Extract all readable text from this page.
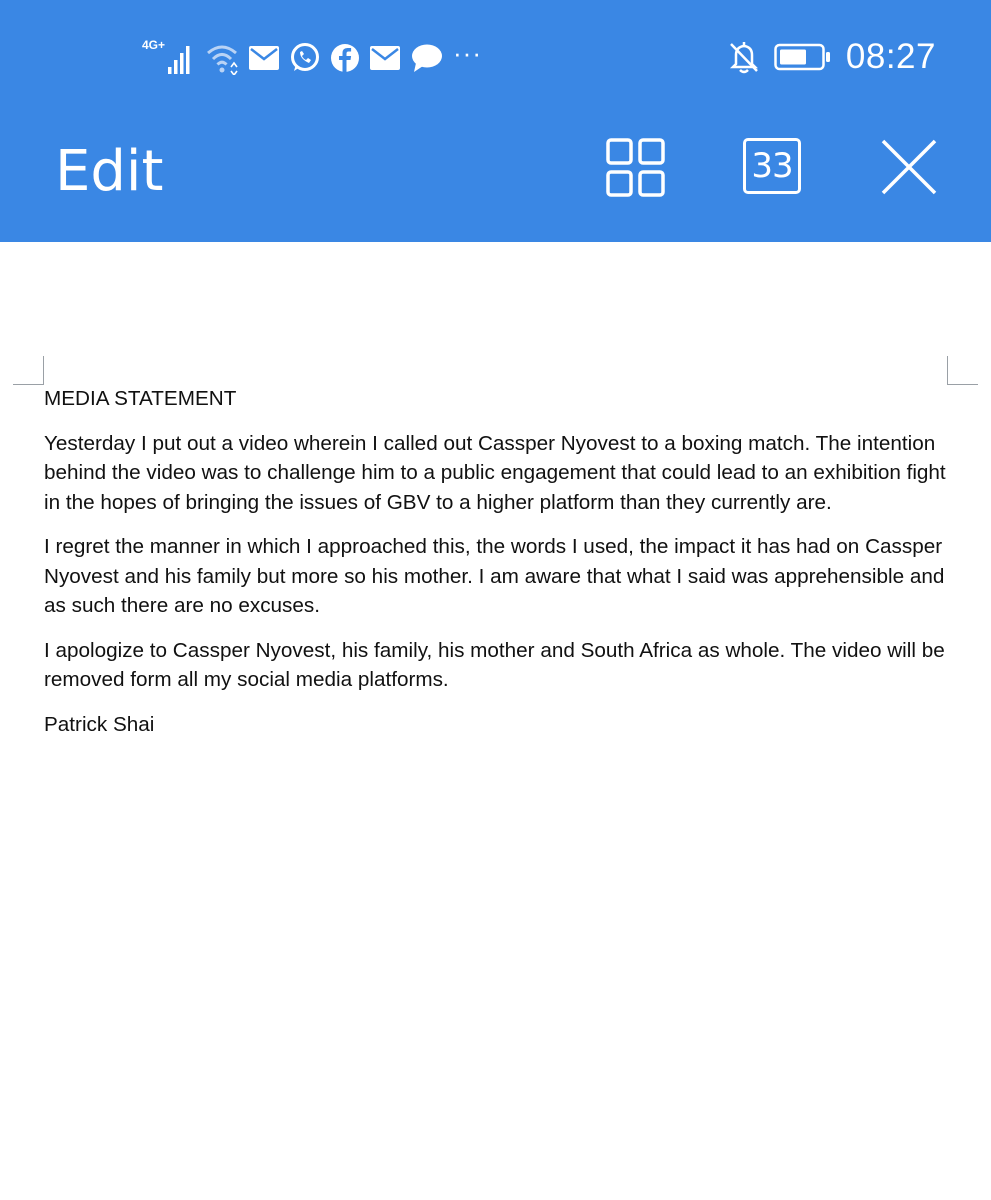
4G+	···	08:27
Edit	33

MEDIA STATEMENT

Yesterday I put out a video wherein I called out Cassper Nyovest to a boxing match. The intention behind the video was to challenge him to a public engagement that could lead to an exhibition fight in the hopes of bringing the issues of GBV to a higher platform than they currently are.

I regret the manner in which I approached this, the words I used, the impact it has had on Cassper Nyovest and his family but more so his mother. I am aware that what I said was apprehensible and as such there are no excuses.

I apologize to Cassper Nyovest, his family, his mother and South Africa as whole. The video will be removed form all my social media platforms.

Patrick Shai
